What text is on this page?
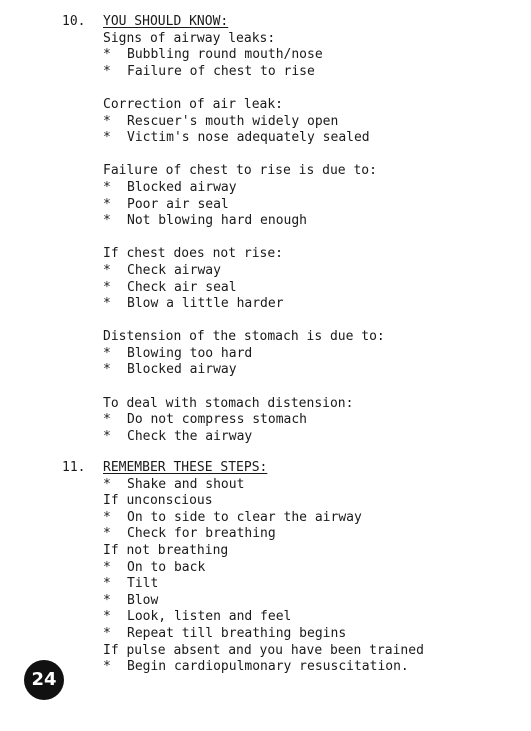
10. YOU SHOULD KNOW:
Signs of airway leaks:
*	Bubbling round mouth/nose
*	Failure of chest to rise
Correction of air leak:
*	Rescuer's mouth widely open
*	Victim's nose adequately sealed
Failure of chest to rise is due to:
*	Blocked airway
*	Poor air seal
*	Not blowing hard enough
If chest does not rise:
*	Check airway
*	Check air seal
*	Blow a little harder
Distension of the stomach is due to:
*	Blowing too hard
*	Blocked airway
To deal with stomach distension:
*	Do not compress stomach
*	Check the airway
11. REMEMBER THESE STEPS:
*	Shake and shout
If unconscious
*	On to side to clear the airway
*	Check for breathing
If not breathing
*	On to back
*	Tilt
*	Blow
*	Look, listen and feel
*	Repeat till breathing begins
If pulse absent and you have been trained
*	Begin cardiopulmonary resuscitation.
24
